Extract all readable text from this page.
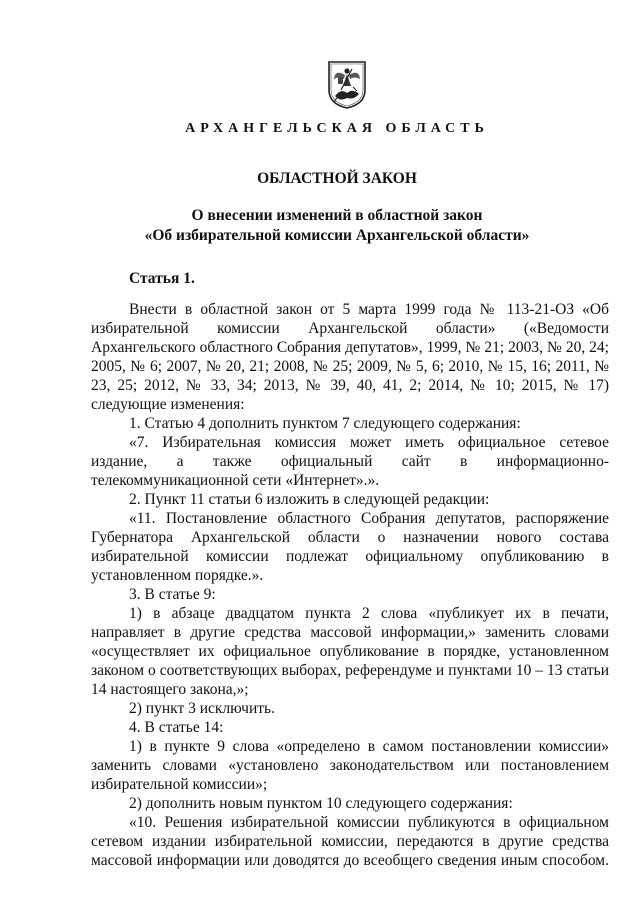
АРХАНГЕЛЬСКАЯ ОБЛАСТЬ
ОБЛАСТНОЙ ЗАКОН
О внесении изменений в областной закон
«Об избирательной комиссии Архангельской области»
Статья 1.

Внести в областной закон от 5 марта 1999 года № 113-21-ОЗ «Об избирательной комиссии Архангельской области» («Ведомости Архангельского областного Собрания депутатов», 1999, № 21; 2003, № 20, 24; 2005, № 6; 2007, № 20, 21; 2008, № 25; 2009, № 5, 6; 2010, № 15, 16; 2011, № 23, 25; 2012, № 33, 34; 2013, № 39, 40, 41, 2; 2014, № 10; 2015, № 17) следующие изменения:

1. Статью 4 дополнить пунктом 7 следующего содержания:

«7. Избирательная комиссия может иметь официальное сетевое издание, а также официальный сайт в информационно-телекоммуникационной сети «Интернет».».

2. Пункт 11 статьи 6 изложить в следующей редакции:

«11. Постановление областного Собрания депутатов, распоряжение Губернатора Архангельской области о назначении нового состава избирательной комиссии подлежат официальному опубликованию в установленном порядке.».

3. В статье 9:

1) в абзаце двадцатом пункта 2 слова «публикует их в печати, направляет в другие средства массовой информации,» заменить словами «осуществляет их официальное опубликование в порядке, установленном законом о соответствующих выборах, референдуме и пунктами 10 – 13 статьи 14 настоящего закона,»;

2) пункт 3 исключить.

4. В статье 14:

1) в пункте 9 слова «определено в самом постановлении комиссии» заменить словами «установлено законодательством или постановлением избирательной комиссии»;

2) дополнить новым пунктом 10 следующего содержания:

«10. Решения избирательной комиссии публикуются в официальном сетевом издании избирательной комиссии, передаются в другие средства массовой информации или доводятся до всеобщего сведения иным способом.
